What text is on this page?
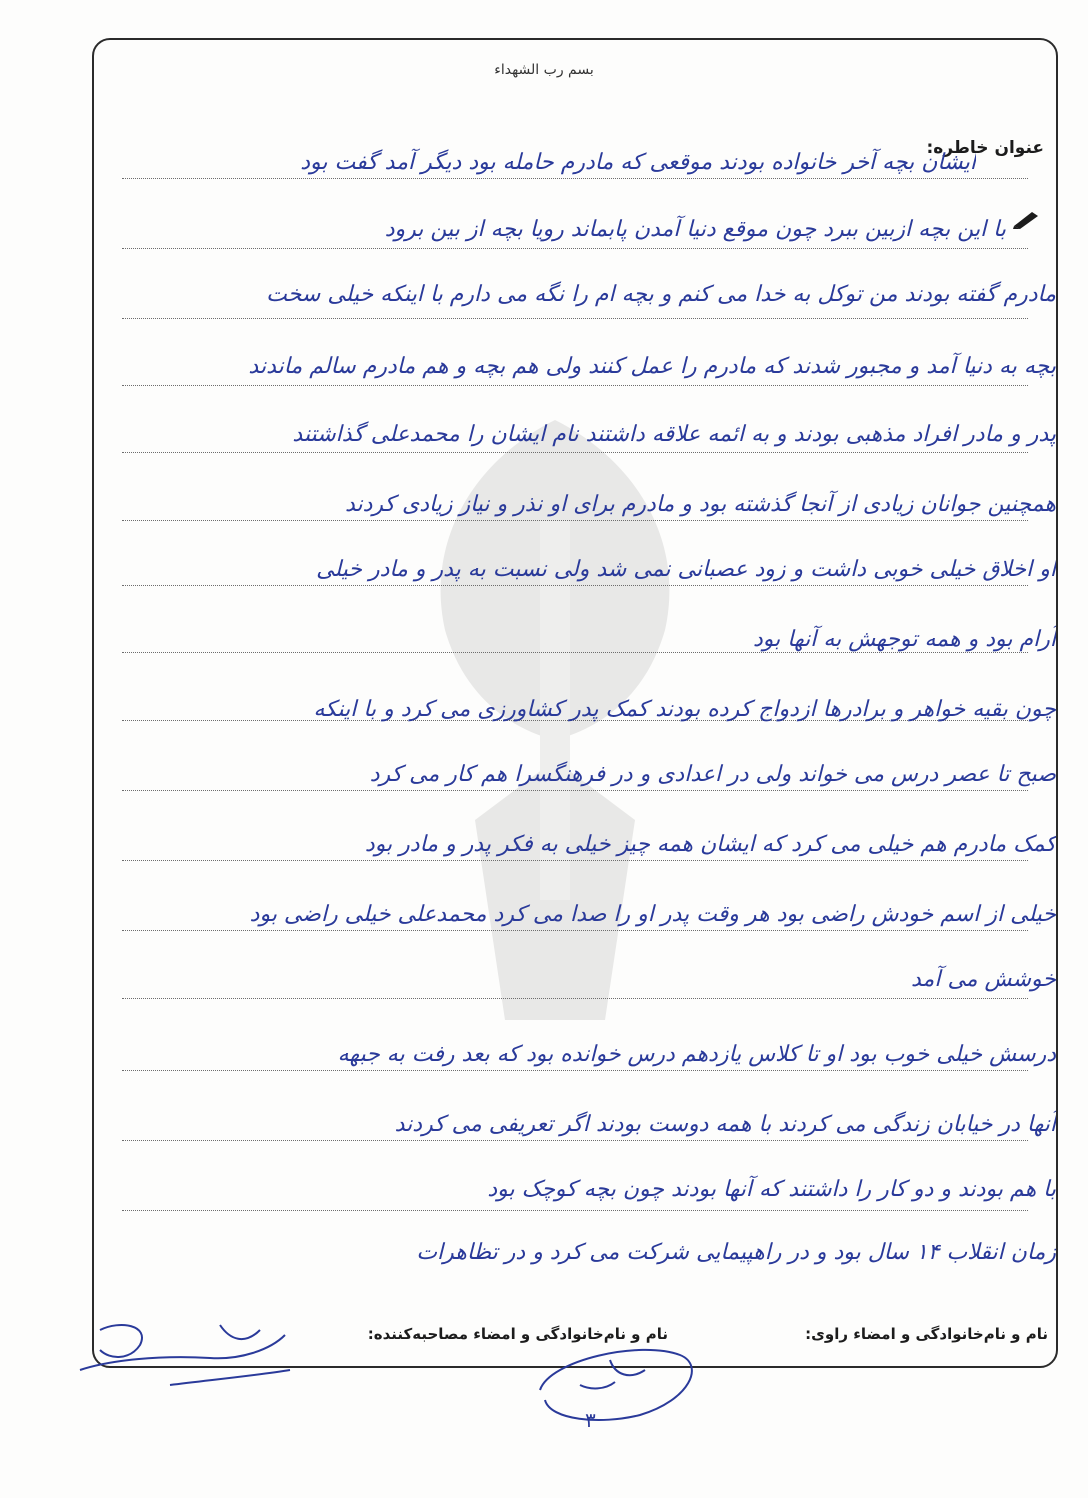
بسم رب الشهداء
عنوان خاطره:
ایشان بچه آخر خانواده بودند موقعی که مادرم حامله بود دیگر آمد گفت بود
با این بچه ازبین ببرد چون موقع دنیا آمدن پابماند رویا بچه از بین برود
مادرم گفته بودند من توکل به خدا می کنم و بچه ام را نگه می دارم با اینکه خیلی سخت
بچه به دنیا آمد و مجبور شدند که مادرم را عمل کنند ولی هم بچه و هم مادرم سالم ماندند
پدر و مادر افراد مذهبی بودند و به ائمه علاقه داشتند نام ایشان را محمدعلی گذاشتند
همچنین جوانان زیادی از آنجا گذشته بود و مادرم برای او نذر و نیاز زیادی کردند
او اخلاق خیلی خوبی داشت و زود عصبانی نمی شد ولی نسبت به پدر و مادر خیلی
آرام بود و همه توجهش به آنها بود
چون بقیه خواهر و برادرها ازدواج کرده بودند کمک پدر کشاورزی می کرد و با اینکه
صبح تا عصر درس می خواند ولی در اعدادی و در فرهنگسرا هم کار می کرد
کمک مادرم هم خیلی می کرد که ایشان همه چیز خیلی به فکر پدر و مادر بود
خیلی از اسم خودش راضی بود هر وقت پدر او را صدا می کرد محمدعلی خیلی راضی بود
خوشش می آمد
درسش خیلی خوب بود او تا کلاس یازدهم درس خوانده بود که بعد رفت به جبهه
آنها در خیابان زندگی می کردند با همه دوست بودند اگر تعریفی می کردند
با هم بودند و دو کار را داشتند که آنها بودند چون بچه کوچک بود
زمان انقلاب ۱۴ سال بود و در راهپیمایی شرکت می کرد و در تظاهرات
نام و نام‌خانوادگی و امضاء راوی:
نام و نام‌خانوادگی و امضاء مصاحبه‌کننده:
۳
